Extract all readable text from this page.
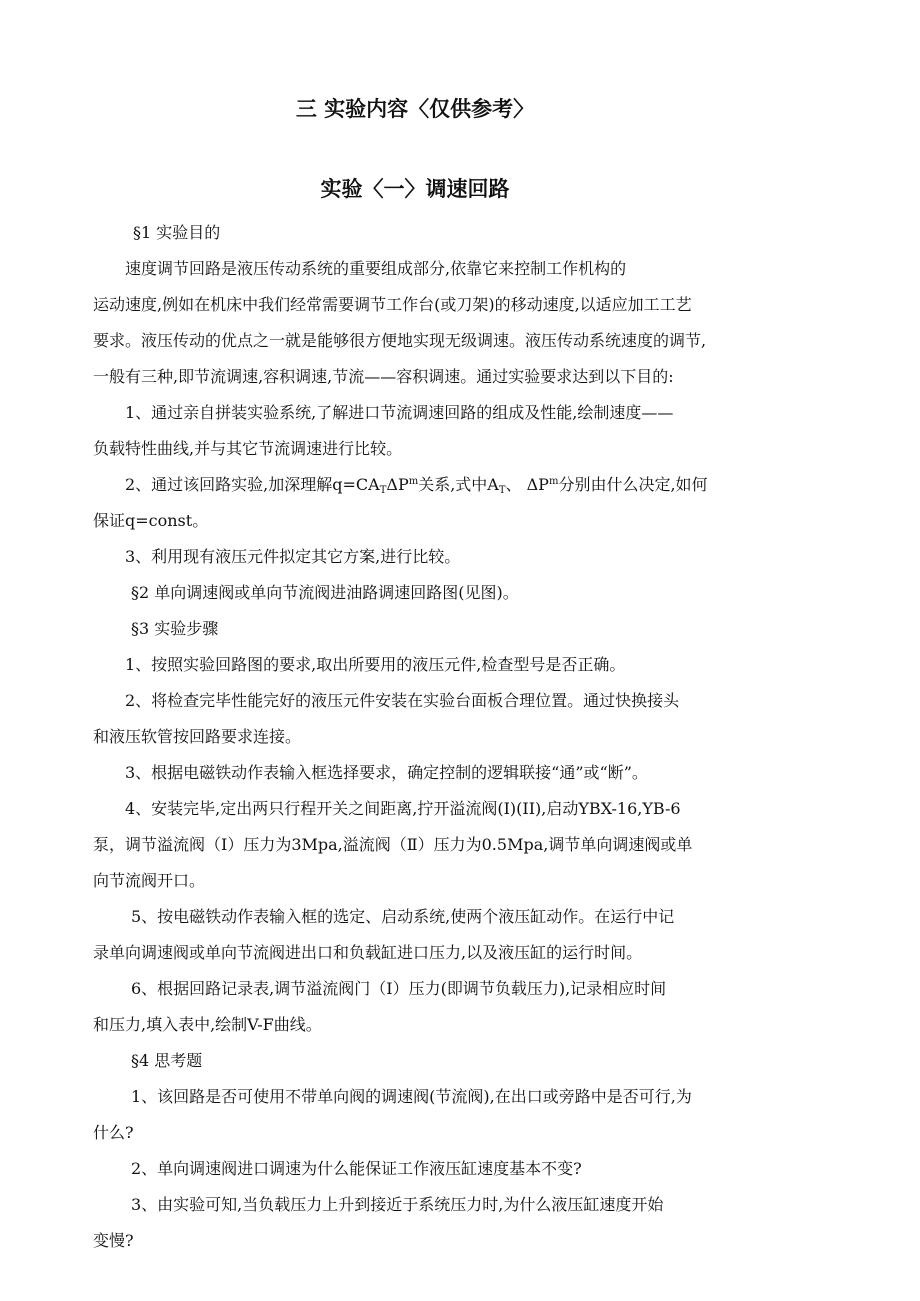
三 实验内容〈仅供参考〉
实验〈一〉调速回路
§1 实验目的
速度调节回路是液压传动系统的重要组成部分,依靠它来控制工作机构的
运动速度,例如在机床中我们经常需要调节工作台(或刀架)的移动速度,以适应加工工艺
要求。液压传动的优点之一就是能够很方便地实现无级调速。液压传动系统速度的调节,
一般有三种,即节流调速,容积调速,节流——容积调速。通过实验要求达到以下目的:
1、通过亲自拼装实验系统,了解进口节流调速回路的组成及性能,绘制速度——
负载特性曲线,并与其它节流调速进行比较。
2、通过该回路实验,加深理解$q=CA_T\Delta P^m$关系,式中$A_T$、 $\Delta P^m$分别由什么决定,如何
保证q=const。
3、利用现有液压元件拟定其它方案,进行比较。
§2 单向调速阀或单向节流阀进油路调速回路图(见图)。
§3 实验步骤
1、按照实验回路图的要求,取出所要用的液压元件,检查型号是否正确。
2、将检查完毕性能完好的液压元件安装在实验台面板合理位置。通过快换接头
和液压软管按回路要求连接。
3、根据电磁铁动作表输入框选择要求，确定控制的逻辑联接“通”或“断”。
4、安装完毕,定出两只行程开关之间距离,拧开溢流阀(I)(II),启动YBX-16,YB-6
泵，调节溢流阀（Ⅰ）压力为3Mpa,溢流阀（Ⅱ）压力为0.5Mpa,调节单向调速阀或单
向节流阀开口。
5、按电磁铁动作表输入框的选定、启动系统,使两个液压缸动作。在运行中记
录单向调速阀或单向节流阀进出口和负载缸进口压力,以及液压缸的运行时间。
6、根据回路记录表,调节溢流阀门（Ⅰ）压力(即调节负载压力),记录相应时间
和压力,填入表中,绘制V-F曲线。
§4 思考题
1、该回路是否可使用不带单向阀的调速阀(节流阀),在出口或旁路中是否可行,为
什么?
2、单向调速阀进口调速为什么能保证工作液压缸速度基本不变?
3、由实验可知,当负载压力上升到接近于系统压力时,为什么液压缸速度开始
变慢?
